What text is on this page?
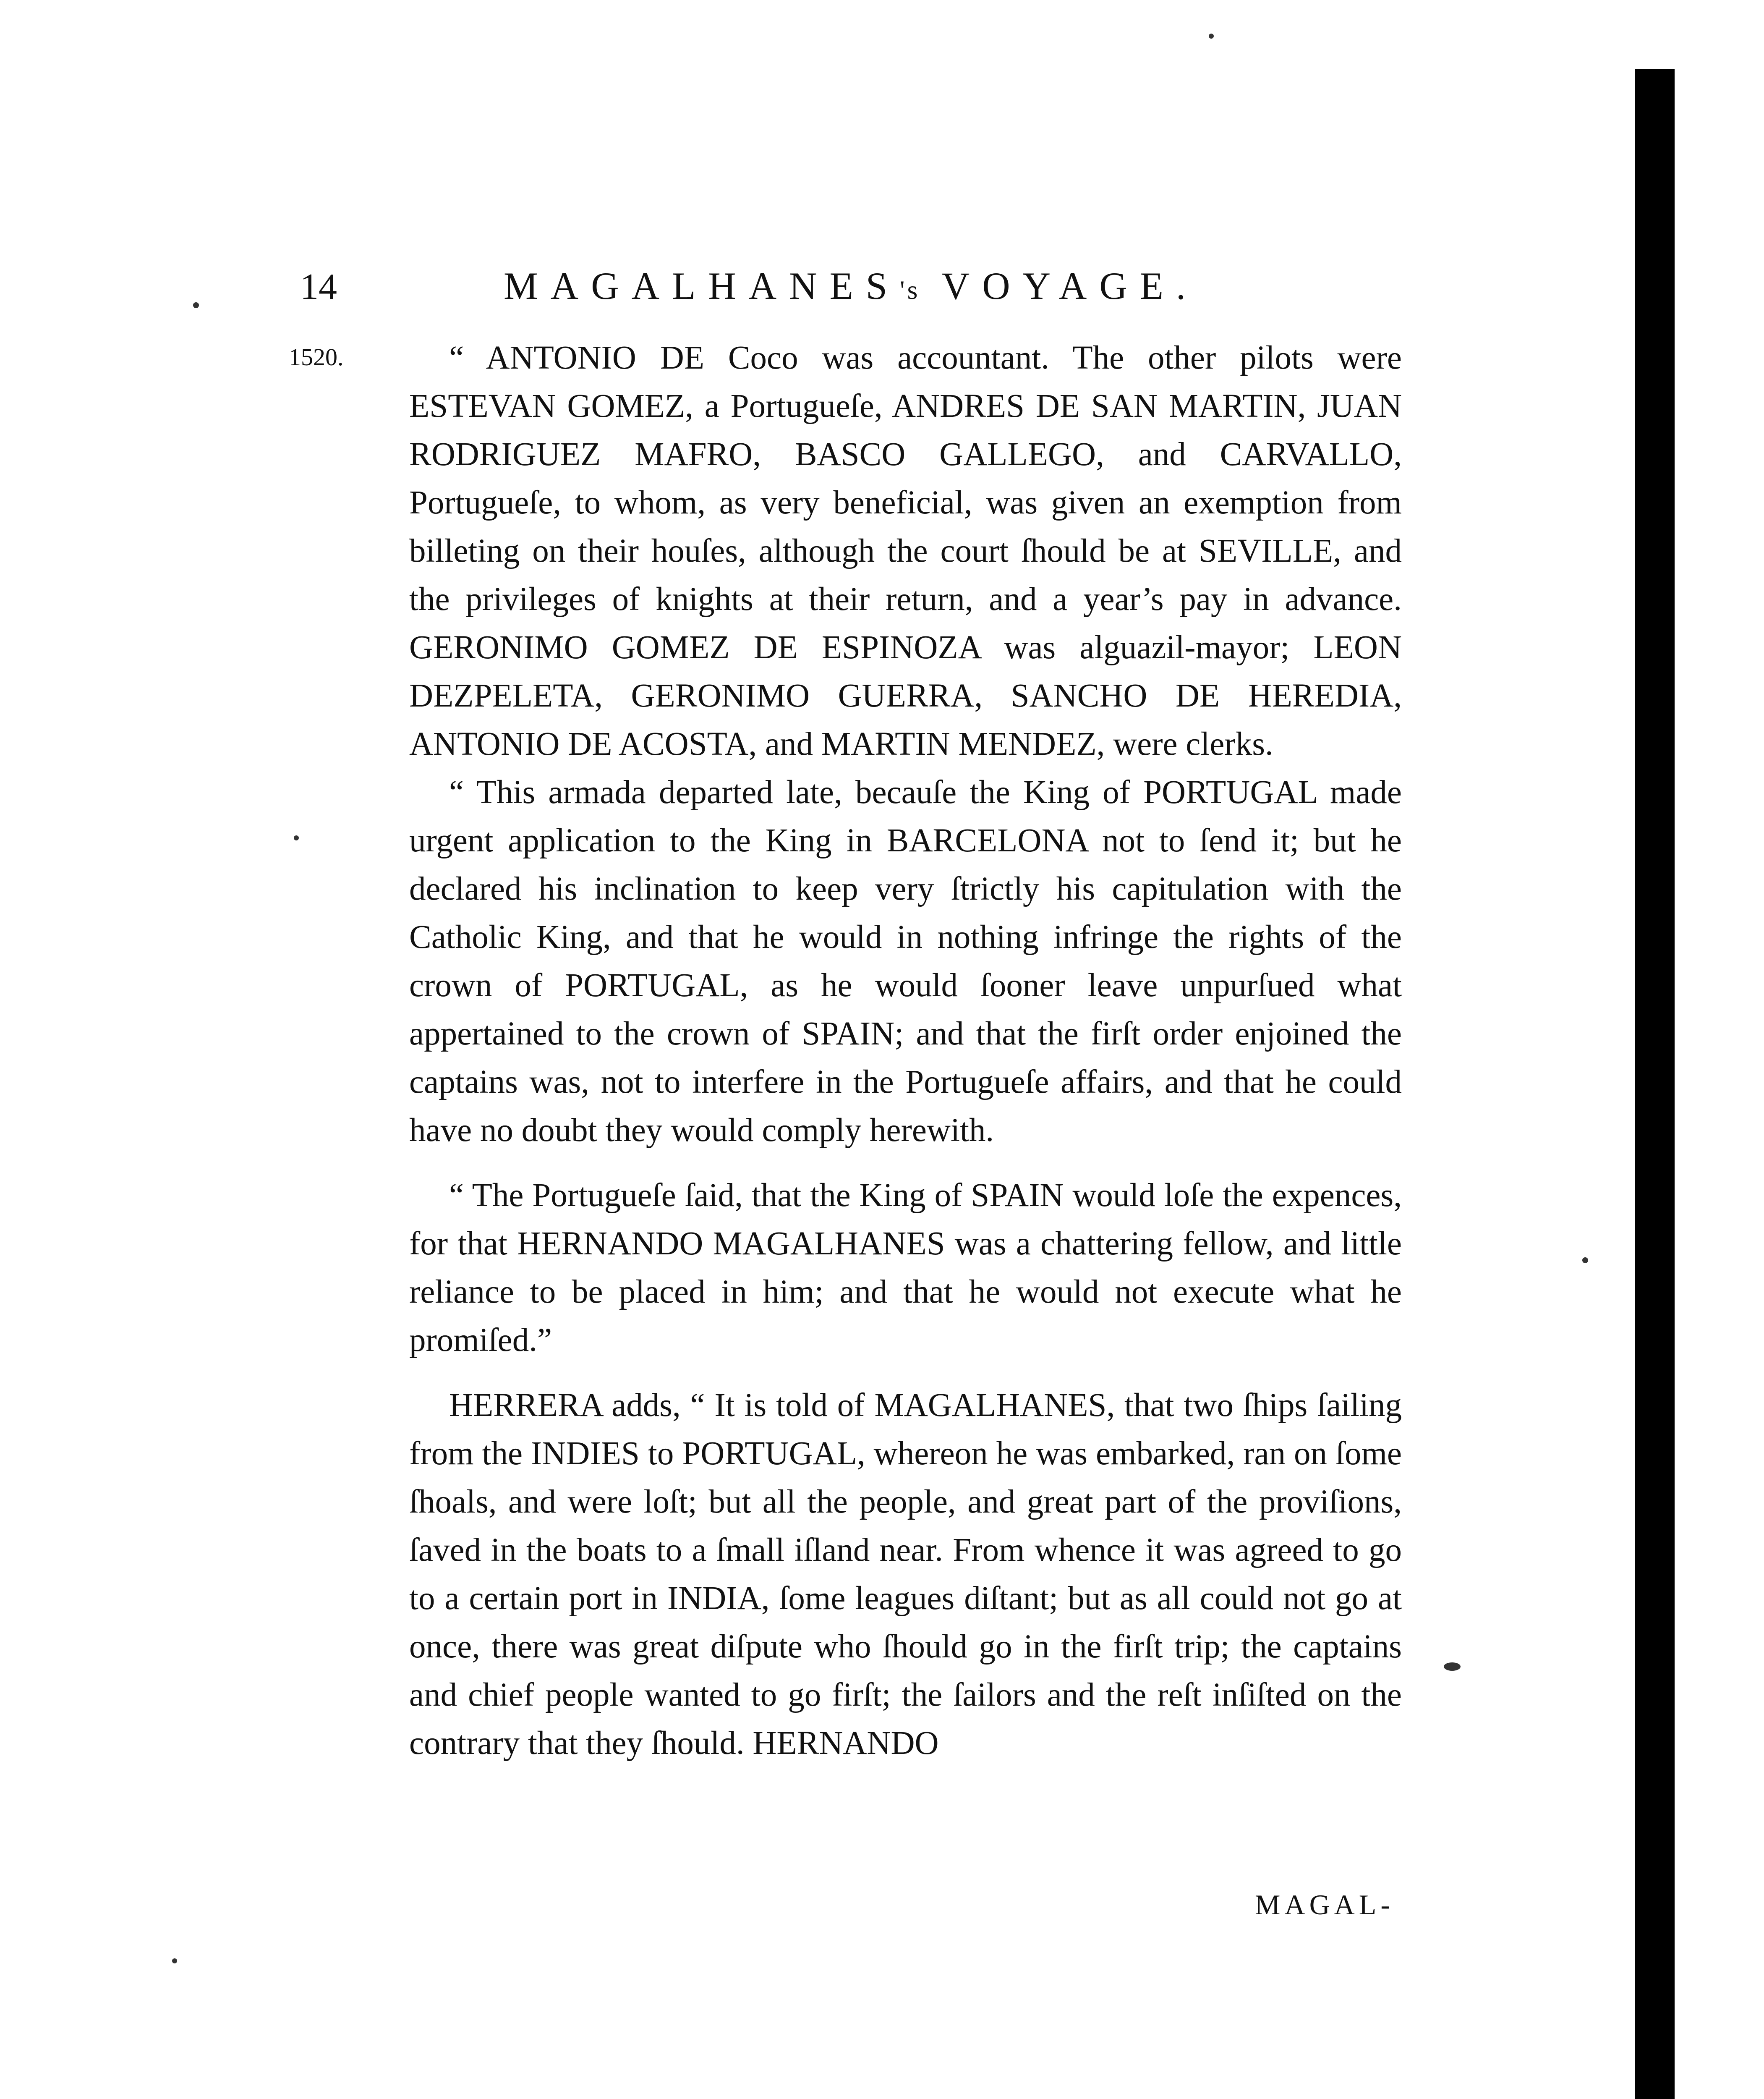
14	MAGALHANES's VOYAGE.
1520.	“ ANTONIO DE Coco was accountant. The other pilots were ESTEVAN GOMEZ, a Portugueſe, ANDRES DE SAN MARTIN, JUAN RODRIGUEZ MAFRO, BASCO GALLEGO, and CARVALLO, Portugueſe, to whom, as very beneficial, was given an exemption from billeting on their houſes, although the court ſhould be at SEVILLE, and the privileges of knights at their return, and a year’s pay in advance. GERONIMO GOMEZ DE ESPINOZA was alguazil-mayor; LEON DEZPELETA, GERONIMO GUERRA, SANCHO DE HEREDIA, ANTONIO DE ACOSTA, and MARTIN MENDEZ, were clerks.

“ This armada departed late, becauſe the King of PORTUGAL made urgent application to the King in BARCELONA not to ſend it; but he declared his inclination to keep very ſtrictly his capitulation with the Catholic King, and that he would in nothing infringe the rights of the crown of PORTUGAL, as he would ſooner leave unpurſued what appertained to the crown of SPAIN; and that the firſt order enjoined the captains was, not to interfere in the Portugueſe affairs, and that he could have no doubt they would comply herewith.

“ The Portugueſe ſaid, that the King of SPAIN would loſe the expences, for that HERNANDO MAGALHANES was a chattering fellow, and little reliance to be placed in him; and that he would not execute what he promiſed.”

HERRERA adds, “ It is told of MAGALHANES, that two ſhips ſailing from the INDIES to PORTUGAL, whereon he was embarked, ran on ſome ſhoals, and were loſt; but all the people, and great part of the proviſions, ſaved in the boats to a ſmall iſland near. From whence it was agreed to go to a certain port in INDIA, ſome leagues diſtant; but as all could not go at once, there was great diſpute who ſhould go in the firſt trip; the captains and chief people wanted to go firſt; the ſailors and the reſt inſiſted on the contrary that they ſhould. HERNANDO

MAGAL-
